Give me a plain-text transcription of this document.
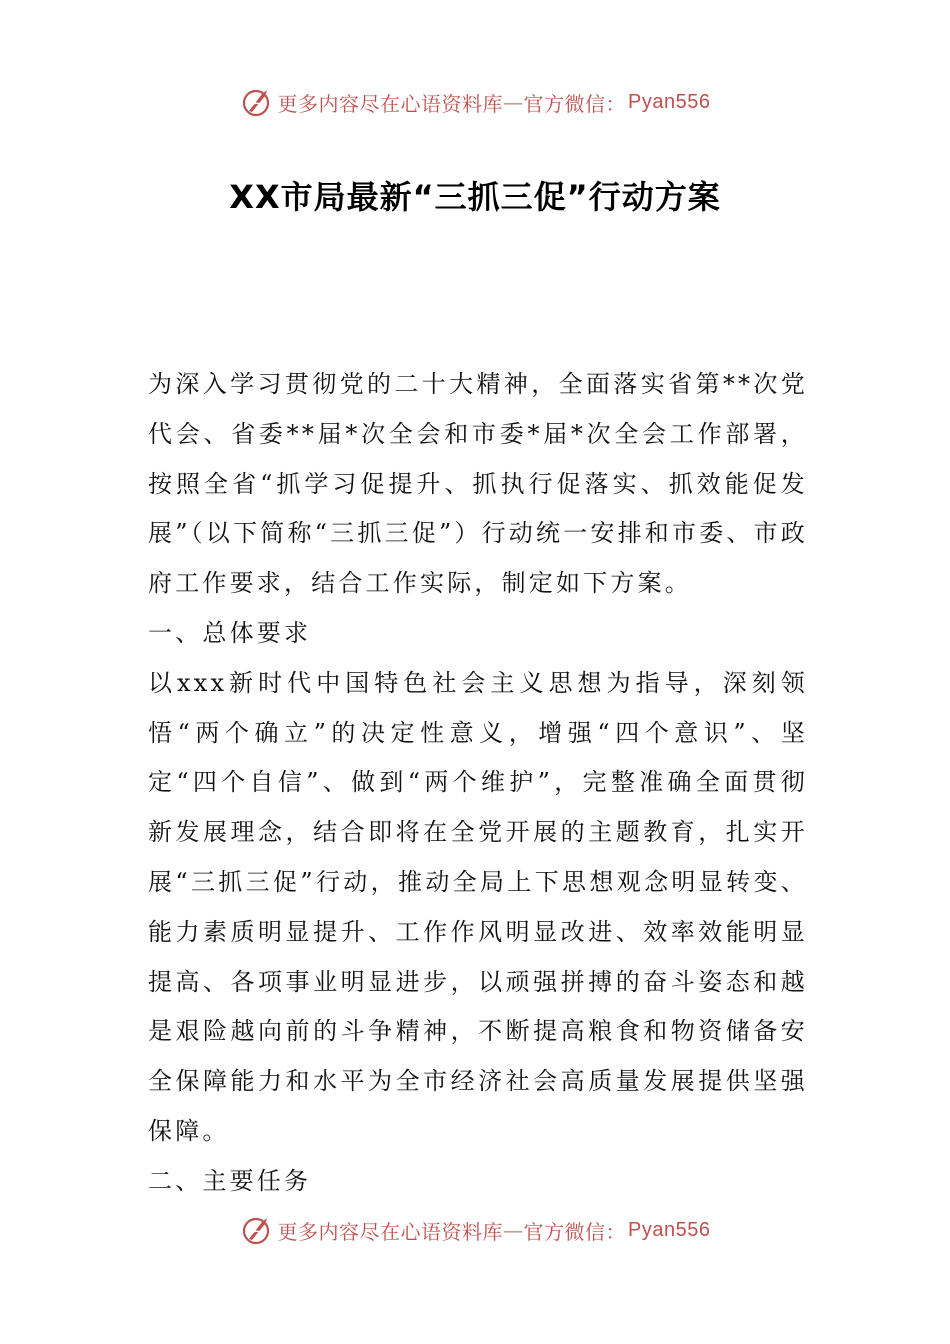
更多内容尽在心语资料库 — 官方微信： Pyan556
XX市局最新“三抓三促”行动方案

为深入学习贯彻党的二十大精神，全面落实省第**次党代会、省委**届*次全会和市委*届*次全会工作部署，按照全省“抓学习促提升、抓执行促落实、抓效能促发展”（以下简称“三抓三促”）行动统一安排和市委、市政府工作要求，结合工作实际，制定如下方案。

一、总体要求

以xxx新时代中国特色社会主义思想为指导，深刻领悟“两个确立”的决定性意义，增强“四个意识”、坚定“四个自信”、做到“两个维护”，完整准确全面贯彻新发展理念，结合即将在全党开展的主题教育，扎实开展“三抓三促”行动，推动全局上下思想观念明显转变、能力素质明显提升、工作作风明显改进、效率效能明显提高、各项事业明显进步，以顽强拼搏的奋斗姿态和越是艰险越向前的斗争精神，不断提高粮食和物资储备安全保障能力和水平为全市经济社会高质量发展提供坚强保障。

二、主要任务

更多内容尽在心语资料库 — 官方微信： Pyan556
